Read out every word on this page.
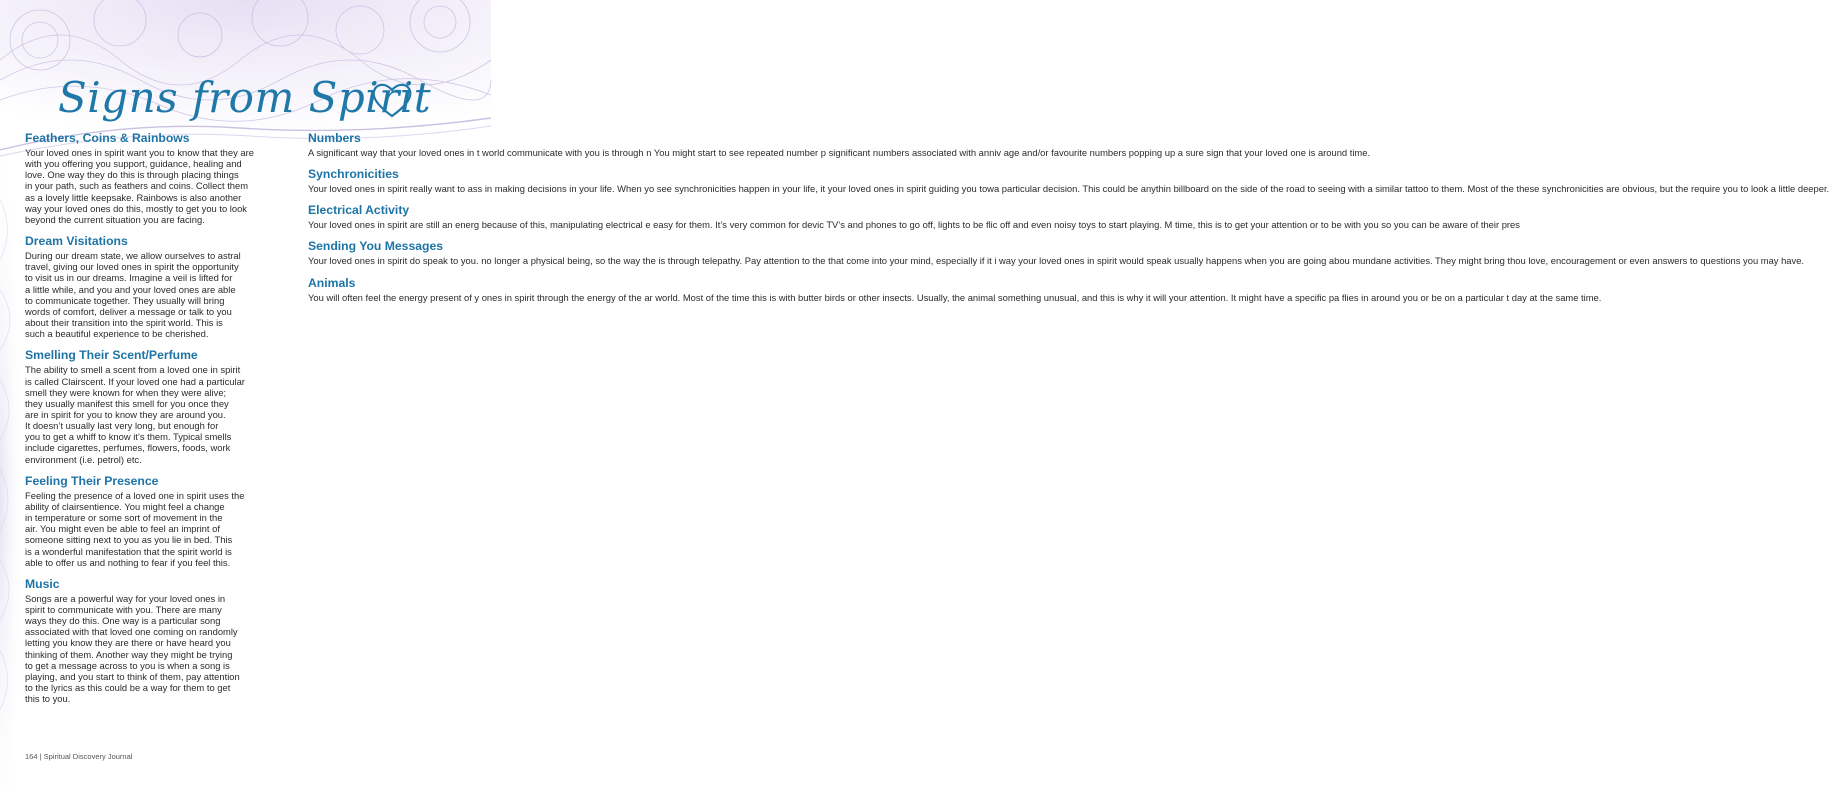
Signs from Spirit
Feathers, Coins & Rainbows

Your loved ones in spirit want you to know that they are
with you offering you support, guidance, healing and
love. One way they do this is through placing things
in your path, such as feathers and coins. Collect them
as a lovely little keepsake. Rainbows is also another
way your loved ones do this, mostly to get you to look
beyond the current situation you are facing.

Dream Visitations

During our dream state, we allow ourselves to astral
travel, giving our loved ones in spirit the opportunity
to visit us in our dreams. Imagine a veil is lifted for
a little while, and you and your loved ones are able
to communicate together. They usually will bring
words of comfort, deliver a message or talk to you
about their transition into the spirit world. This is
such a beautiful experience to be cherished.

Smelling Their Scent/Perfume

The ability to smell a scent from a loved one in spirit
is called Clairscent. If your loved one had a particular
smell they were known for when they were alive;
they usually manifest this smell for you once they
are in spirit for you to know they are around you.
It doesn’t usually last very long, but enough for
you to get a whiff to know it’s them. Typical smells
include cigarettes, perfumes, flowers, foods, work
environment (i.e. petrol) etc.

Feeling Their Presence

Feeling the presence of a loved one in spirit uses the
ability of clairsentience. You might feel a change
in temperature or some sort of movement in the
air. You might even be able to feel an imprint of
someone sitting next to you as you lie in bed. This
is a wonderful manifestation that the spirit world is
able to offer us and nothing to fear if you feel this.

Music

Songs are a powerful way for your loved ones in
spirit to communicate with you. There are many
ways they do this. One way is a particular song
associated with that loved one coming on randomly
letting you know they are there or have heard you
thinking of them. Another way they might be trying
to get a message across to you is when a song is
playing, and you start to think of them, pay attention
to the lyrics as this could be a way for them to get
this to you.

Numbers

A significant way that your loved ones in t world communicate with you is through n You might start to see repeated number p significant numbers associated with anniv age and/or favourite numbers popping up a sure sign that your loved one is around time.

Synchronicities

Your loved ones in spirit really want to ass in making decisions in your life. When yo see synchronicities happen in your life, it your loved ones in spirit guiding you towa particular decision. This could be anythin billboard on the side of the road to seeing with a similar tattoo to them. Most of the these synchronicities are obvious, but the require you to look a little deeper.

Electrical Activity

Your loved ones in spirit are still an energ because of this, manipulating electrical e easy for them. It’s very common for devic TV’s and phones to go off, lights to be flic off and even noisy toys to start playing. M time, this is to get your attention or to be with you so you can be aware of their pres

Sending You Messages

Your loved ones in spirit do speak to you. no longer a physical being, so the way the is through telepathy. Pay attention to the that come into your mind, especially if it i way your loved ones in spirit would speak usually happens when you are going abou mundane activities. They might bring thou love, encouragement or even answers to questions you may have.

Animals

You will often feel the energy present of y ones in spirit through the energy of the ar world. Most of the time this is with butter birds or other insects. Usually, the animal something unusual, and this is why it will your attention. It might have a specific pa flies in around you or be on a particular t day at the same time.

164 | Spiritual Discovery Journal
